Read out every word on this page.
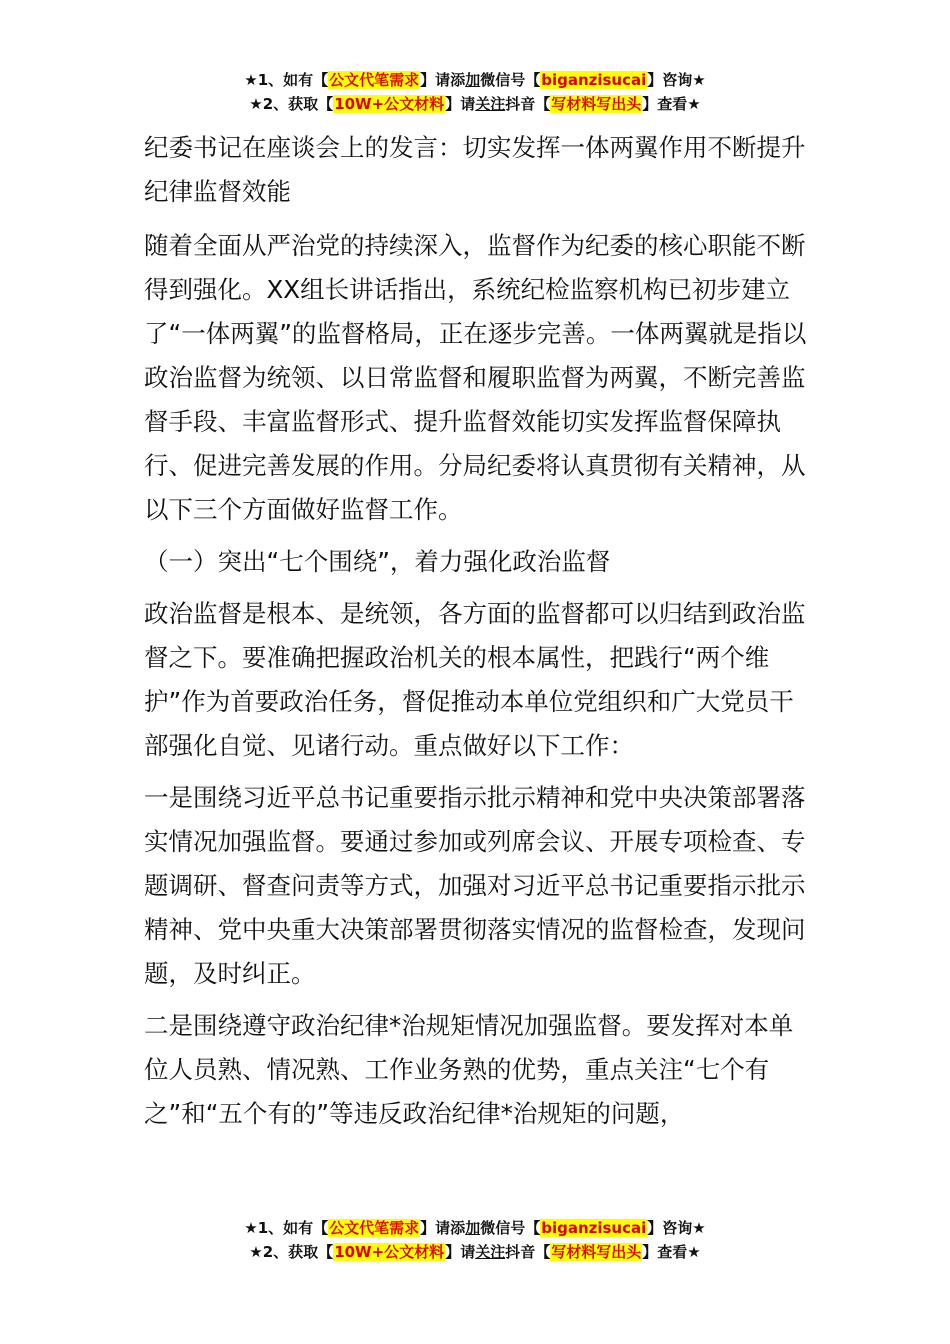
★1、如有【公文代笔需求】请添加微信号【biganzisucai】咨询★
★2、获取【10W+公文材料】请关注抖音【写材料写出头】查看★

纪委书记在座谈会上的发言：切实发挥一体两翼作用不断提升纪律监督效能

随着全面从严治党的持续深入，监督作为纪委的核心职能不断得到强化。XX组长讲话指出，系统纪检监察机构已初步建立了“一体两翼”的监督格局，正在逐步完善。一体两翼就是指以政治监督为统领、以日常监督和履职监督为两翼，不断完善监督手段、丰富监督形式、提升监督效能切实发挥监督保障执行、促进完善发展的作用。分局纪委将认真贯彻有关精神，从以下三个方面做好监督工作。

（一）突出“七个围绕”，着力强化政治监督

政治监督是根本、是统领，各方面的监督都可以归结到政治监督之下。要准确把握政治机关的根本属性，把践行“两个维护”作为首要政治任务，督促推动本单位党组织和广大党员干部强化自觉、见诸行动。重点做好以下工作：

一是围绕习近平总书记重要指示批示精神和党中央决策部署落实情况加强监督。要通过参加或列席会议、开展专项检查、专题调研、督查问责等方式，加强对习近平总书记重要指示批示精神、党中央重大决策部署贯彻落实情况的监督检查，发现问题，及时纠正。

二是围绕遵守政治纪律*治规矩情况加强监督。要发挥对本单位人员熟、情况熟、工作业务熟的优势，重点关注“七个有之”和“五个有的”等违反政治纪律*治规矩的问题，

★1、如有【公文代笔需求】请添加微信号【biganzisucai】咨询★
★2、获取【10W+公文材料】请关注抖音【写材料写出头】查看★
